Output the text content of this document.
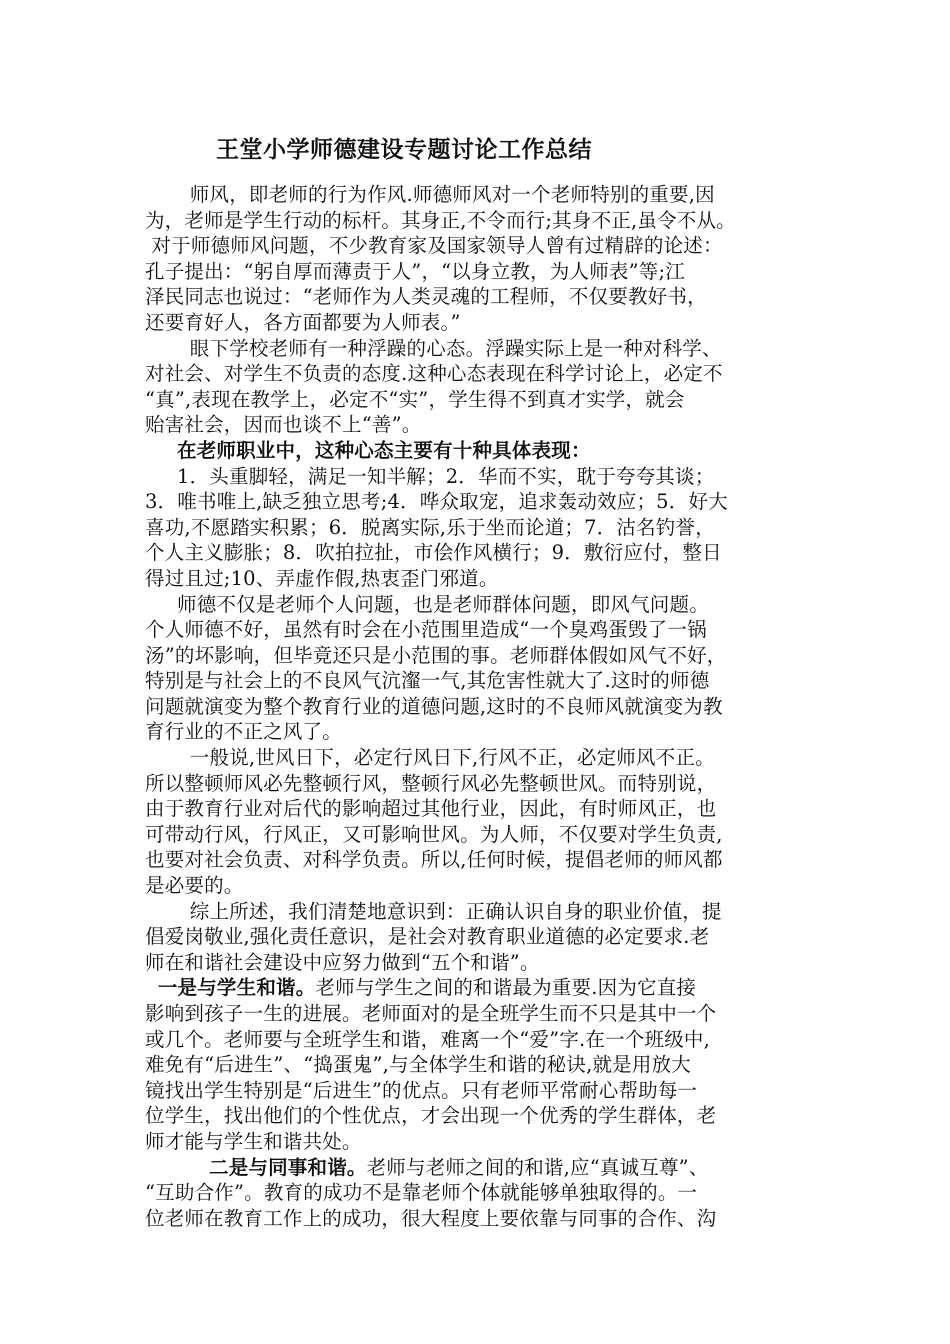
王堂小学师德建设专题讨论工作总结
师风，即老师的行为作风.师德师风对一个老师特别的重要,因
为，老师是学生行动的标杆。其身正,不令而行;其身不正,虽令不从。
对于师德师风问题，不少教育家及国家领导人曾有过精辟的论述：
孔子提出：“躬自厚而薄责于人”，“以身立教，为人师表”等;江
泽民同志也说过：“老师作为人类灵魂的工程师，不仅要教好书，
还要育好人，各方面都要为人师表。”
眼下学校老师有一种浮躁的心态。浮躁实际上是一种对科学、
对社会、对学生不负责的态度.这种心态表现在科学讨论上，必定不
“真”,表现在教学上，必定不“实”，学生得不到真才实学，就会
贻害社会，因而也谈不上“善”。
在老师职业中，这种心态主要有十种具体表现：
1．头重脚轻，满足一知半解；2．华而不实，耽于夸夸其谈；
3．唯书唯上,缺乏独立思考;4．哗众取宠，追求轰动效应；5．好大
喜功,不愿踏实积累；6．脱离实际,乐于坐而论道；7．沽名钓誉，
个人主义膨胀；8．吹拍拉扯，市侩作风横行；9．敷衍应付，整日
得过且过;10、弄虚作假,热衷歪门邪道。
师德不仅是老师个人问题，也是老师群体问题，即风气问题。
个人师德不好，虽然有时会在小范围里造成“一个臭鸡蛋毁了一锅
汤”的坏影响，但毕竟还只是小范围的事。老师群体假如风气不好，
特别是与社会上的不良风气沆瀣一气,其危害性就大了.这时的师德
问题就演变为整个教育行业的道德问题,这时的不良师风就演变为教
育行业的不正之风了。
一般说,世风日下，必定行风日下,行风不正，必定师风不正。
所以整顿师风必先整顿行风，整顿行风必先整顿世风。而特别说，
由于教育行业对后代的影响超过其他行业，因此，有时师风正，也
可带动行风，行风正，又可影响世风。为人师，不仅要对学生负责,
也要对社会负责、对科学负责。所以,任何时候，提倡老师的师风都
是必要的。
综上所述，我们清楚地意识到：正确认识自身的职业价值，提
倡爱岗敬业,强化责任意识，是社会对教育职业道德的必定要求.老
师在和谐社会建设中应努力做到“五个和谐”。
一是与学生和谐。老师与学生之间的和谐最为重要.因为它直接
影响到孩子一生的进展。老师面对的是全班学生而不只是其中一个
或几个。老师要与全班学生和谐，难离一个“爱”字.在一个班级中,
难免有“后进生”、“捣蛋鬼”,与全体学生和谐的秘诀,就是用放大
镜找出学生特别是“后进生”的优点。只有老师平常耐心帮助每一
位学生，找出他们的个性优点，才会出现一个优秀的学生群体，老
师才能与学生和谐共处。
二是与同事和谐。老师与老师之间的和谐,应“真诚互尊”、
“互助合作”。教育的成功不是靠老师个体就能够单独取得的。一
位老师在教育工作上的成功，很大程度上要依靠与同事的合作、沟
